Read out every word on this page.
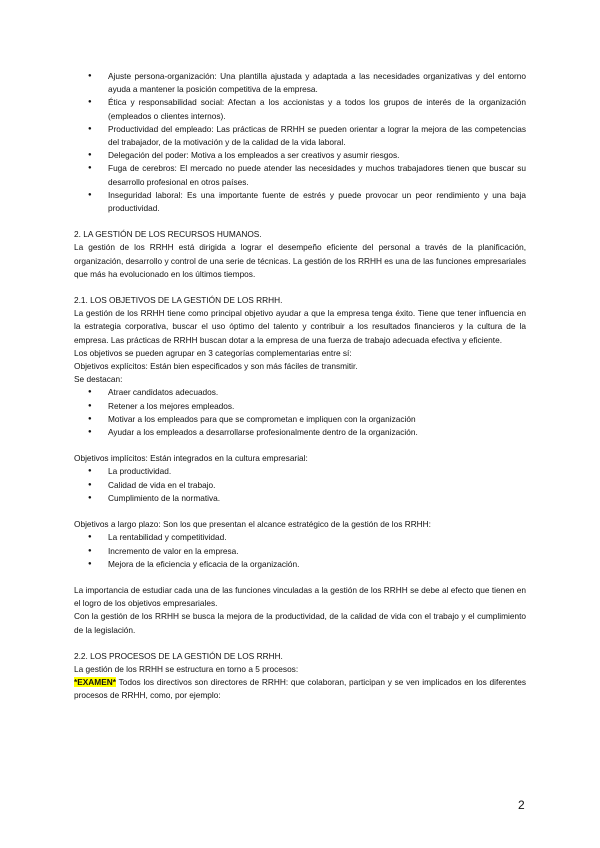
● Ajuste persona-organización: Una plantilla ajustada y adaptada a las necesidades organizativas y del entorno ayuda a mantener la posición competitiva de la empresa.
● Ética y responsabilidad social: Afectan a los accionistas y a todos los grupos de interés de la organización (empleados o clientes internos).
● Productividad del empleado: Las prácticas de RRHH se pueden orientar a lograr la mejora de las competencias del trabajador, de la motivación y de la calidad de la vida laboral.
● Delegación del poder: Motiva a los empleados a ser creativos y asumir riesgos.
● Fuga de cerebros: El mercado no puede atender las necesidades y muchos trabajadores tienen que buscar su desarrollo profesional en otros países.
● Inseguridad laboral: Es una importante fuente de estrés y puede provocar un peor rendimiento y una baja productividad.

2. LA GESTIÓN DE LOS RECURSOS HUMANOS.

La gestión de los RRHH está dirigida a lograr el desempeño eficiente del personal a través de la planificación, organización, desarrollo y control de una serie de técnicas. La gestión de los RRHH es una de las funciones empresariales que más ha evolucionado en los últimos tiempos.

2.1. LOS OBJETIVOS DE LA GESTIÓN DE LOS RRHH.

La gestión de los RRHH tiene como principal objetivo ayudar a que la empresa tenga éxito. Tiene que tener influencia en la estrategia corporativa, buscar el uso óptimo del talento y contribuir a los resultados financieros y la cultura de la empresa. Las prácticas de RRHH buscan dotar a la empresa de una fuerza de trabajo adecuada efectiva y eficiente.

Los objetivos se pueden agrupar en 3 categorías complementarias entre sí:

Objetivos explícitos: Están bien especificados y son más fáciles de transmitir.

Se destacan:

● Atraer candidatos adecuados.
● Retener a los mejores empleados.
● Motivar a los empleados para que se comprometan e impliquen con la organización
● Ayudar a los empleados a desarrollarse profesionalmente dentro de la organización.

Objetivos implícitos: Están integrados en la cultura empresarial:

● La productividad.
● Calidad de vida en el trabajo.
● Cumplimiento de la normativa.

Objetivos a largo plazo: Son los que presentan el alcance estratégico de la gestión de los RRHH:

● La rentabilidad y competitividad.
● Incremento de valor en la empresa.
● Mejora de la eficiencia y eficacia de la organización.

La importancia de estudiar cada una de las funciones vinculadas a la gestión de los RRHH se debe al efecto que tienen en el logro de los objetivos empresariales.

Con la gestión de los RRHH se busca la mejora de la productividad, de la calidad de vida con el trabajo y el cumplimiento de la legislación.

2.2. LOS PROCESOS DE LA GESTIÓN DE LOS RRHH.

La gestión de los RRHH se estructura en torno a 5 procesos:

*EXAMEN* Todos los directivos son directores de RRHH: que colaboran, participan y se ven implicados en los diferentes procesos de RRHH, como, por ejemplo:

2
